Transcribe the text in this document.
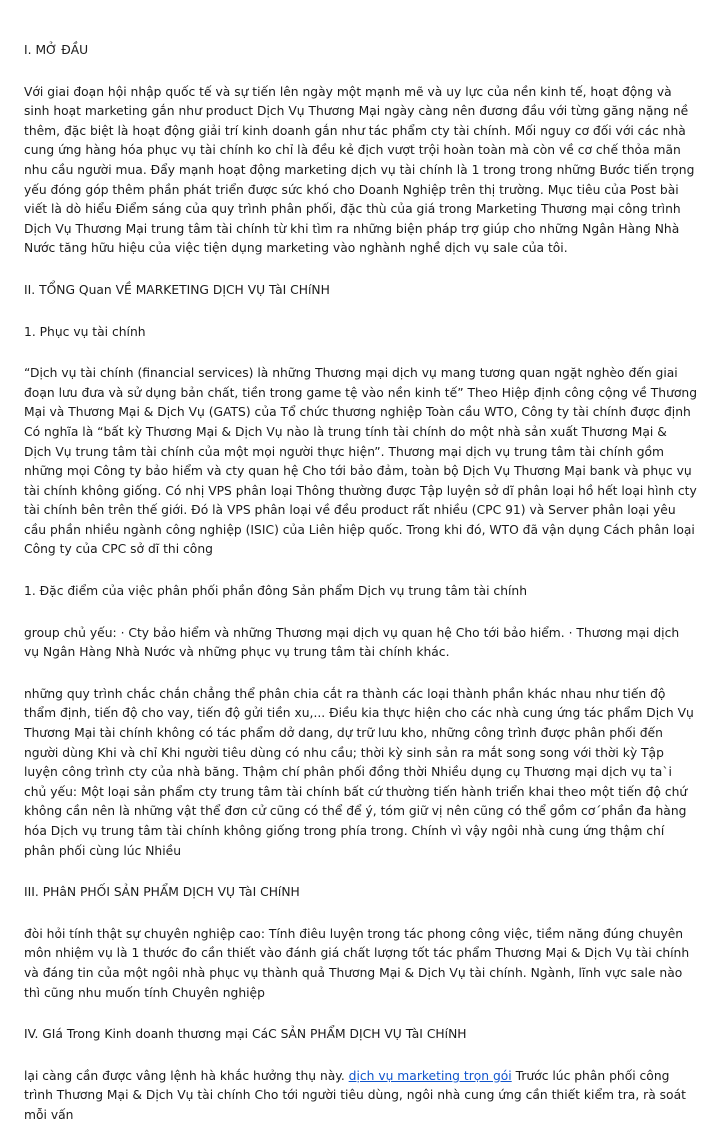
I. MỞ ĐẦU

Với giai đoạn hội nhập quốc tế và sự tiến lên ngày một mạnh mẽ và uy lực của nền kinh tế, hoạt động và sinh hoạt marketing gắn như product Dịch Vụ Thương Mại ngày càng nên đương đầu với từng găng nặng nề thêm, đặc biệt là hoạt động giải trí kinh doanh gắn như tác phẩm cty tài chính. Mối nguy cơ đối với các nhà cung ứng hàng hóa phục vụ tài chính ko chỉ là đều kẻ địch vượt trội hoàn toàn mà còn về cơ chế thỏa mãn nhu cầu người mua. Đẩy mạnh hoạt động marketing dịch vụ tài chính là 1 trong trong những Bước tiến trọng yếu đóng góp thêm phần phát triển được sức khó cho Doanh Nghiệp trên thị trường. Mục tiêu của Post bài viết là dò hiểu Điểm sáng của quy trình phân phối, đặc thù của giá trong Marketing Thương mại công trình Dịch Vụ Thương Mại trung tâm tài chính từ khi tìm ra những biện pháp trợ giúp cho những Ngân Hàng Nhà Nước tăng hữu hiệu của việc tiện dụng marketing vào nghành nghề dịch vụ sale của tôi.

II. TỔNG Quan VỀ MARKETING DỊCH VỤ TàI CHíNH

1. Phục vụ tài chính

“Dịch vụ tài chính (financial services) là những Thương mại dịch vụ mang tương quan ngặt nghèo đến giai đoạn lưu đưa và sử dụng bản chất, tiền trong game tệ vào nền kinh tế” Theo Hiệp định công cộng về Thương Mại và Thương Mại & Dịch Vụ (GATS) của Tổ chức thương nghiệp Toàn cầu WTO, Công ty tài chính được định Có nghĩa là “bất kỳ Thương Mại & Dịch Vụ nào là trung tính tài chính do một nhà sản xuất Thương Mại & Dịch Vụ trung tâm tài chính của một mọi người thực hiện”. Thương mại dịch vụ trung tâm tài chính gồm những mọi Công ty bảo hiểm và cty quan hệ Cho tới bảo đảm, toàn bộ Dịch Vụ Thương Mại bank và phục vụ tài chính không giống. Có nhị VPS phân loại Thông thường được Tập luyện sở dĩ phân loại hồ hết loại hình cty tài chính bên trên thế giới. Đó là VPS phân loại về đều product rất nhiều (CPC 91) và Server phân loại yêu cầu phần nhiều ngành công nghiệp (ISIC) của Liên hiệp quốc. Trong khi đó, WTO đã vận dụng Cách phân loại Công ty của CPC sở dĩ thi công

1. Đặc điểm của việc phân phối phần đông Sản phẩm Dịch vụ trung tâm tài chính

group chủ yếu: · Cty bảo hiểm và những Thương mại dịch vụ quan hệ Cho tới bảo hiểm. · Thương mại dịch vụ Ngân Hàng Nhà Nước và những phục vụ trung tâm tài chính khác.

những quy trình chắc chắn chẳng thể phân chia cắt ra thành các loại thành phần khác nhau như tiến độ thẩm định, tiến độ cho vay, tiến độ gửi tiền xu,... Điều kia thực hiện cho các nhà cung ứng tác phẩm Dịch Vụ Thương Mại tài chính không có tác phẩm dở dang, dự trữ lưu kho, những công trình được phân phối đến người dùng Khi và chỉ Khi người tiêu dùng có nhu cầu; thời kỳ sinh sản ra mắt song song với thời kỳ Tập luyện công trình cty của nhà băng. Thậm chí phân phối đồng thời Nhiều dụng cụ Thương mại dịch vụ ta`i chủ yếu: Một loại sản phẩm cty trung tâm tài chính bất cứ thường tiến hành triển khai theo một tiến độ chứ không cần nên là những vật thể đơn cử cũng có thể để ý, tóm giữ vị nên cũng có thể gồm cơ´phần đa hàng hóa Dịch vụ trung tâm tài chính không giống trong phía trong. Chính vì vậy ngôi nhà cung ứng thậm chí phân phối cùng lúc Nhiều

III. PHâN PHỐI SẢN PHẨM DỊCH VỤ TàI CHíNH

đòi hỏi tính thật sự chuyên nghiệp cao: Tính điêu luyện trong tác phong công việc, tiềm năng đúng chuyên môn nhiệm vụ là 1 thước đo cần thiết vào đánh giá chất lượng tốt tác phẩm Thương Mại & Dịch Vụ tài chính và đáng tin của một ngôi nhà phục vụ thành quả Thương Mại & Dịch Vụ tài chính. Ngành, lĩnh vực sale nào thì cũng nhu muốn tính Chuyên nghiệp

IV. GIá Trong Kinh doanh thương mại CáC SẢN PHẨM DỊCH VỤ TàI CHíNH

lại càng cần được vâng lệnh hà khắc hưởng thụ này. dịch vụ marketing trọn gói Trước lúc phân phối công trình Thương Mại & Dịch Vụ tài chính Cho tới người tiêu dùng, ngôi nhà cung ứng cần thiết kiểm tra, rà soát mỗi vấn
